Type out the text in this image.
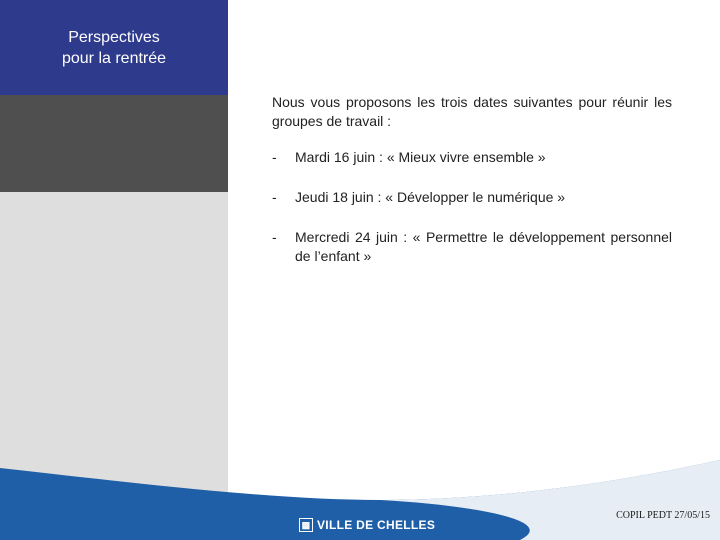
Perspectives
pour la rentrée

Nous vous proposons les trois dates suivantes pour réunir les groupes de travail :

-	Mardi 16 juin : « Mieux vivre ensemble »
-	Jeudi 18 juin : « Développer le numérique »
-	Mercredi 24 juin : « Permettre le développement personnel de l’enfant »
▩ VILLE DE CHELLES
COPIL PEDT 27/05/15
